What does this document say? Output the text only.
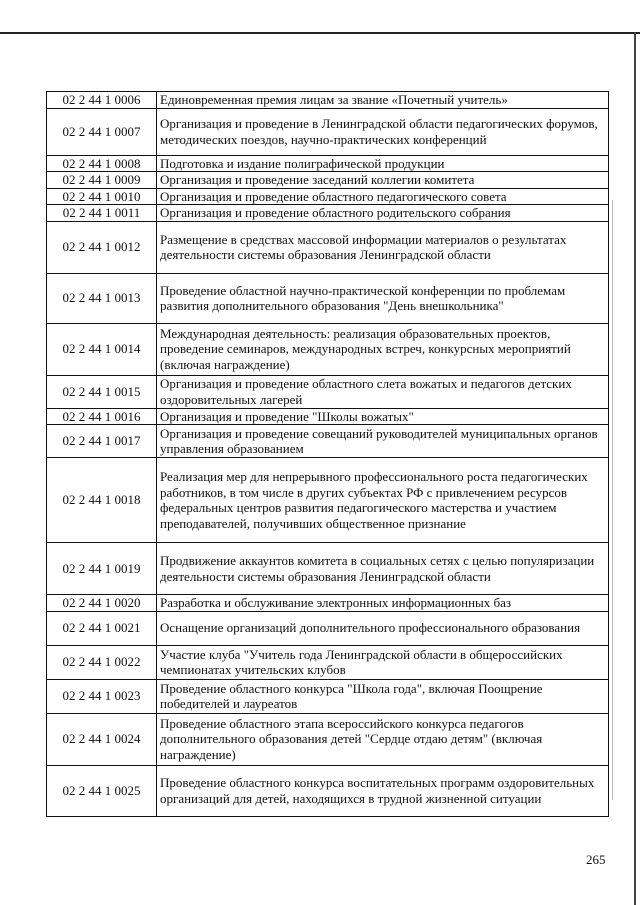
02 2 44 1 0006	Единовременная премия лицам за звание «Почетный учитель»
02 2 44 1 0007	Организация и проведение в Ленинградской области педагогических форумов, методических поездов, научно-практических конференций
02 2 44 1 0008	Подготовка и издание полиграфической продукции
02 2 44 1 0009	Организация и проведение заседаний коллегии комитета
02 2 44 1 0010	Организация и проведение областного педагогического совета
02 2 44 1 0011	Организация и проведение областного родительского собрания
02 2 44 1 0012	Размещение в средствах массовой информации материалов о результатах деятельности системы образования Ленинградской области
02 2 44 1 0013	Проведение областной научно-практической конференции по проблемам развития дополнительного образования "День внешкольника"
02 2 44 1 0014	Международная деятельность: реализация образовательных проектов, проведение семинаров, международных встреч, конкурсных мероприятий (включая награждение)
02 2 44 1 0015	Организация и проведение областного слета вожатых и педагогов детских оздоровительных лагерей
02 2 44 1 0016	Организация и проведение "Школы вожатых"
02 2 44 1 0017	Организация и проведение совещаний руководителей муниципальных органов управления образованием
02 2 44 1 0018	Реализация мер для непрерывного профессионального роста педагогических работников, в том числе в других субъектах РФ с привлечением ресурсов федеральных центров развития педагогического мастерства и участием преподавателей, получивших общественное признание
02 2 44 1 0019	Продвижение аккаунтов комитета в социальных сетях с целью популяризации деятельности системы образования Ленинградской области
02 2 44 1 0020	Разработка и обслуживание электронных информационных баз
02 2 44 1 0021	Оснащение организаций дополнительного профессионального образования
02 2 44 1 0022	Участие клуба "Учитель года Ленинградской области в общероссийских чемпионатах учительских клубов
02 2 44 1 0023	Проведение областного конкурса "Школа года", включая Поощрение победителей и лауреатов
02 2 44 1 0024	Проведение областного этапа всероссийского конкурса педагогов дополнительного образования детей "Сердце отдаю детям" (включая награждение)
02 2 44 1 0025	Проведение областного конкурса воспитательных программ оздоровительных организаций для детей, находящихся в трудной жизненной ситуации
265
